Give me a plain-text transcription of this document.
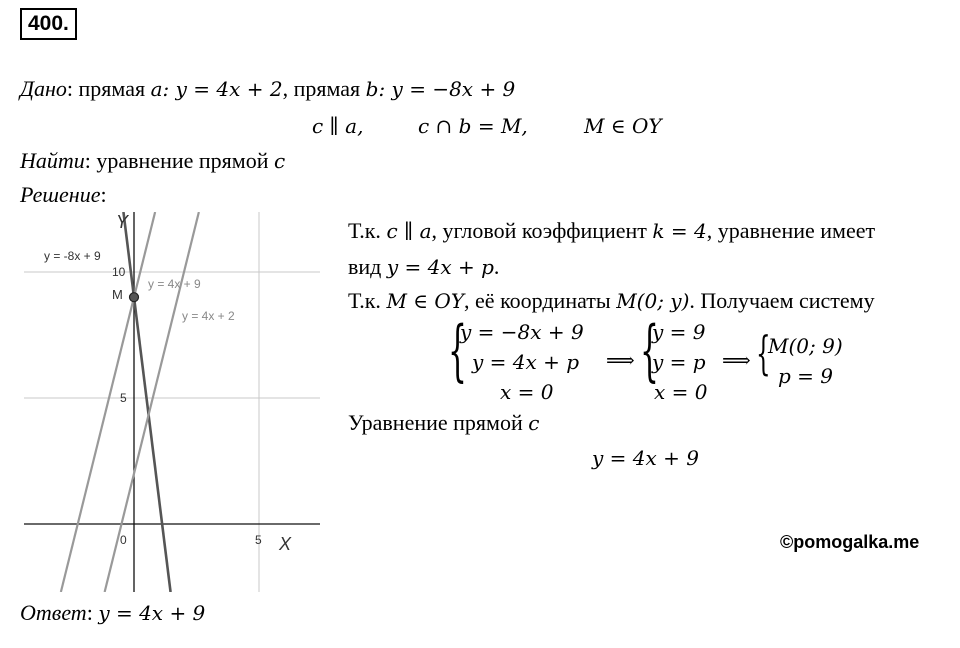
400.
Дано: прямая a: y = 4x + 2, прямая b: y = −8x + 9
c ∥ a,	c ∩ b = M,	M ∈ OY
Найти: уравнение прямой c
Решение:
Y
X
10
5
0	5
M
y = -8x + 9
y = 4x + 9
y = 4x + 2
Т.к. c ∥ a, угловой коэффициент k = 4, уравнение имеет
вид y = 4x + p.
Т.к. M ∈ OY, её координаты M(0; y). Получаем систему
{
y = −8x + 9
y = 4x + p
x = 0
⟹ {
y = 9
y = p
x = 0
⟹ {
M(0; 9)
p = 9
Уравнение прямой c
y = 4x + 9
©pomogalka.me
Ответ: y = 4x + 9
